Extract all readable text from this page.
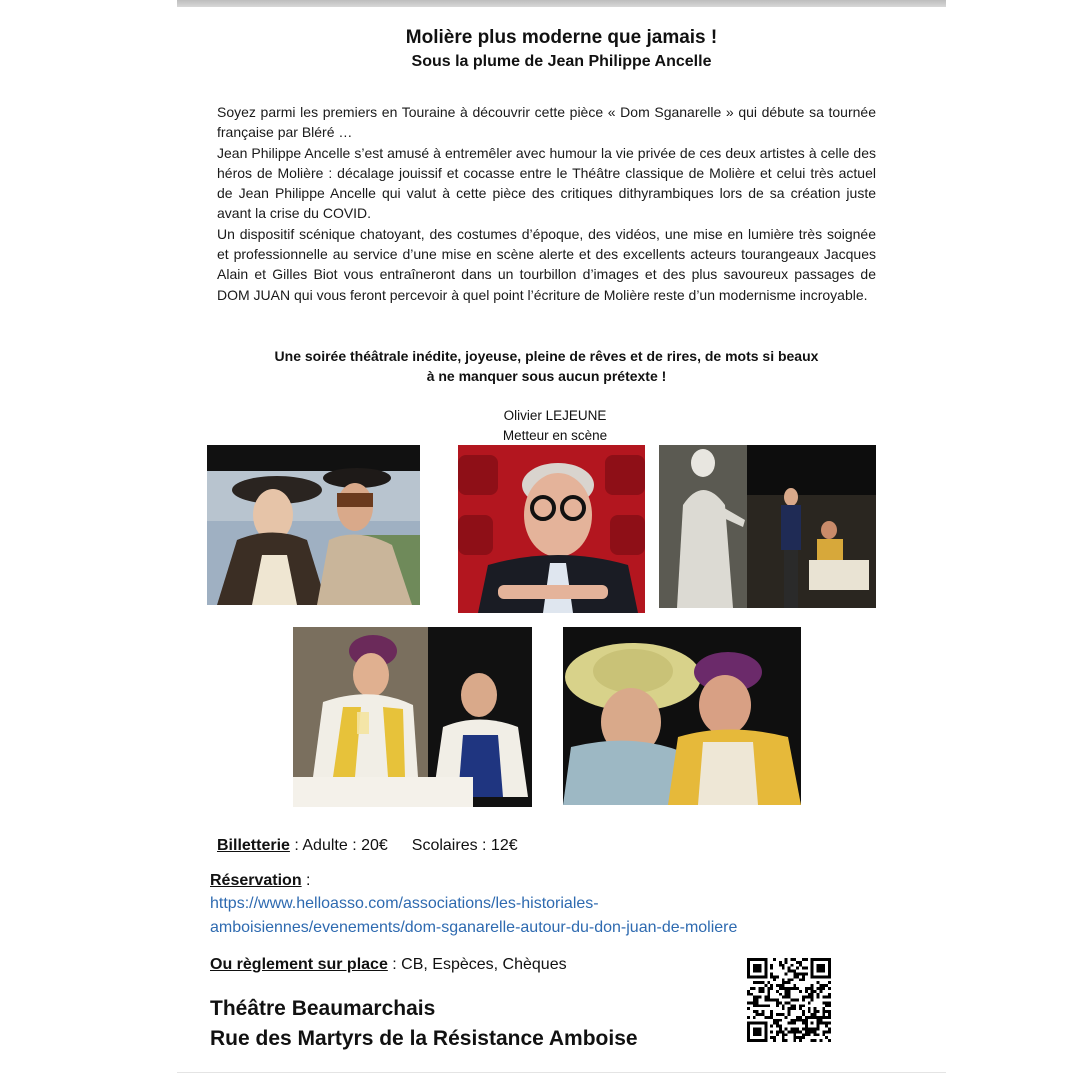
Molière plus moderne que jamais !
Sous la plume de Jean Philippe Ancelle

Soyez parmi les premiers en Touraine à découvrir cette pièce « Dom Sganarelle » qui débute sa tournée française par Bléré …

Jean Philippe Ancelle s’est amusé à entremêler avec humour la vie privée de ces deux artistes à celle des héros de Molière : décalage jouissif et cocasse entre le Théâtre classique de Molière et celui très actuel de Jean Philippe Ancelle qui valut à cette pièce des critiques dithyrambiques lors de sa création juste avant la crise du COVID.

Un dispositif scénique chatoyant, des costumes d’époque, des vidéos, une mise en lumière très soignée et professionnelle au service d’une mise en scène alerte et des excellents acteurs tourangeaux Jacques Alain et Gilles Biot vous entraîneront dans un tourbillon d’images et des plus savoureux passages de DOM JUAN qui vous feront percevoir à quel point l’écriture de Molière reste d’un modernisme incroyable.

Une soirée théâtrale inédite, joyeuse, pleine de rêves et de rires, de mots si beaux
à ne manquer sous aucun prétexte !
Olivier LEJEUNE
Metteur en scène
Billetterie : Adulte : 20€ Scolaires : 12€
Réservation :
https://www.helloasso.com/associations/les-historiales-
amboisiennes/evenements/dom-sganarelle-autour-du-don-juan-de-moliere
Ou règlement sur place : CB, Espèces, Chèques
Théâtre Beaumarchais
Rue des Martyrs de la Résistance Amboise
